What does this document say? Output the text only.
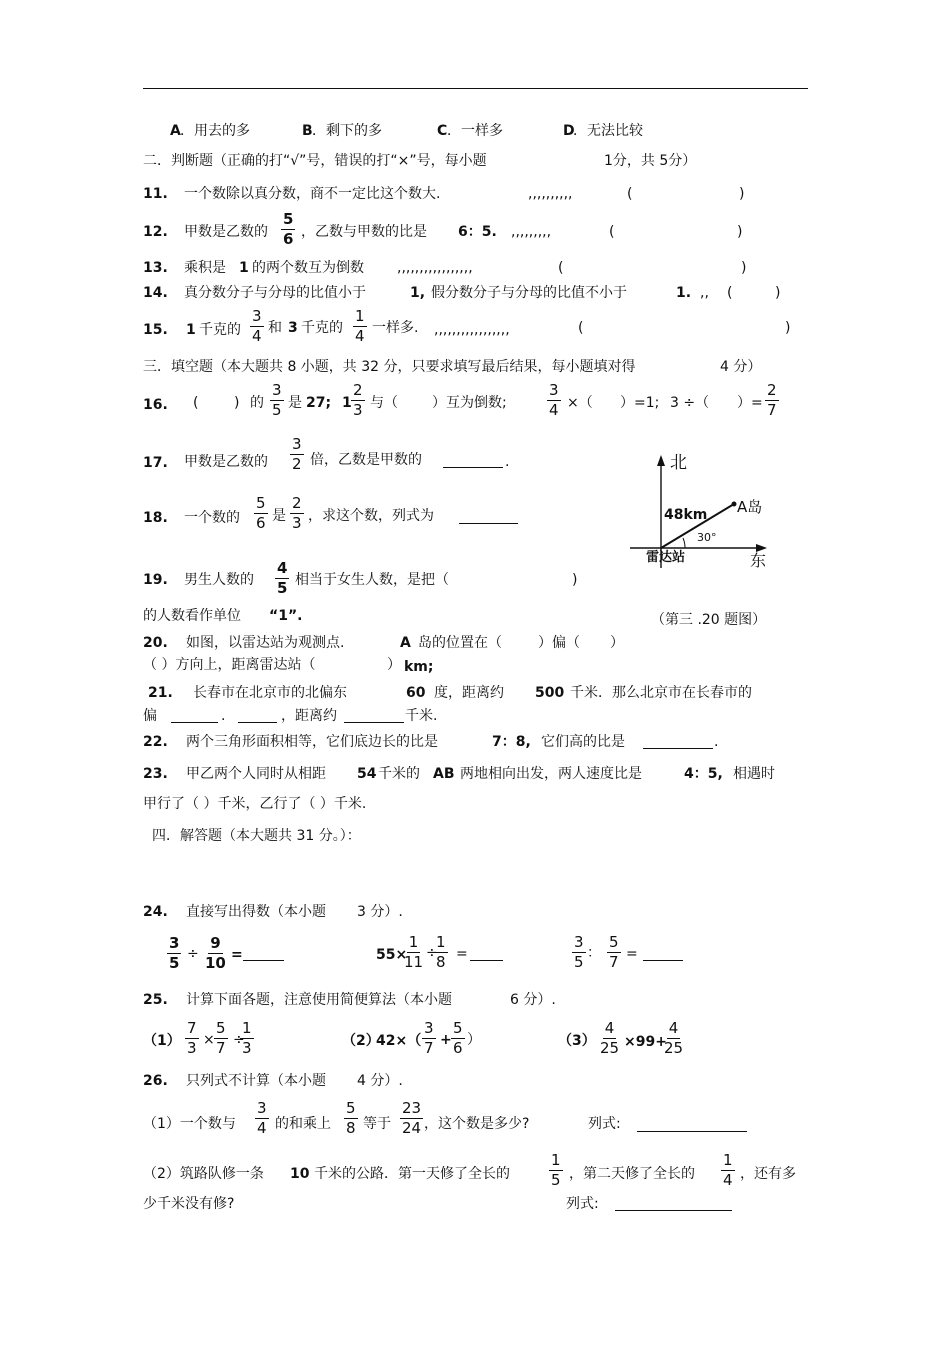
A ．用去的多	B ．剩下的多	C ．一样多	D
．无法比较
二．判断题（正确的打“√”号，错误的打“×”号，每小题	1分，共 5分）
11. 一个数除以真分数，商不一定比这个数大.	,,,,,,,,,,	(	)
12. 甲数是乙数的 $\frac{5}{6}$ ，乙数与甲数的比是 6：5. ,,,,,,,,,	(	)
13. 乘积是 1 的两个数互为倒数 ,,,,,,,,,,,,,,,,,	(	)
14. 真分数分子与分母的比值小于	1, 假分数分子与分母的比值不小于	1. ,, (	)
15. 1 千克的 $\frac{3}{4}$ 和 3 千克的 $\frac{1}{4}$ 一样多. ,,,,,,,,,,,,,,,,,	(	)
三．填空题（本大题共 8 小题，共 32 分，只要求填写最后结果，每小题填对得	4 分）
16. (	) 的 $\frac{3}{5}$ 是 27; $1 \frac{2}{3}$ 与（ ）互为倒数;	$\frac{3}{4}$ ×（ ）=1; 3 ÷（ ）= $\frac{2}{7}$
17. 甲数是乙数的 $\frac{3}{2}$ 倍，乙数是甲数的	.
18. 一个数的 $\frac{5}{6}$ 是 $\frac{2}{3}$ ，求这个数，列式为
19. 男生人数的 $\frac{4}{5}$ 相当于女生人数，是把（	)
的人数看作单位 “1”.
北
东
48km A岛
30°
雷达站
（第三 .20 题图）
20. 如图，以雷达站为观测点.	A 岛的位置在（	）偏（ ）
（ ）方向上，距离雷达站（	） km;
21. 长春市在北京市的北偏东	60 度，距离约 500 千米．那么北京市在长春市的
偏	.	，距离约	千米.
22. 两个三角形面积相等，它们底边长的比是	7：8, 它们高的比是	.
23. 甲乙两个人同时从相距 54 千米的 AB 两地相向出发，两人速度比是	4：5, 相遇时
甲行了（ ）千米，乙行了（ ）千米.
四．解答题（本大题共 31 分。）：
24. 直接写出得数（本小题 3 分）.
$\frac{3}{5} \div \frac{9}{10}$ =	55×
$\frac{1}{11}$ ÷
$\frac{1}{8}$ =	$\frac{3}{5}$ ： $\frac{5}{7}$ =
25. 计算下面各题，注意使用简便算法（本小题	6 分）.
$(1) \frac{7}{3} \times \frac{5}{7}$ ÷
$\frac{1}{3}$	（2）
$42\times( \frac{3}{7} + \frac{5}{6}$ ）	$(3) \frac{4}{25} \times 99+$
$\frac{4}{25}$
26. 只列式不计算（本小题 4 分）.
（1）一个数与 $\frac{3}{4}$ 的和乘上 $\frac{5}{8}$ 等于 $\frac{23}{24}$ ，这个数是多少?	列式:
（2）筑路队修一条 10 千米的公路．第一天修了全长的	$\frac{1}{5}$ ，第二天修了全长的 $\frac{1}{4}$ ，还有多
少千米没有修?	列式:
